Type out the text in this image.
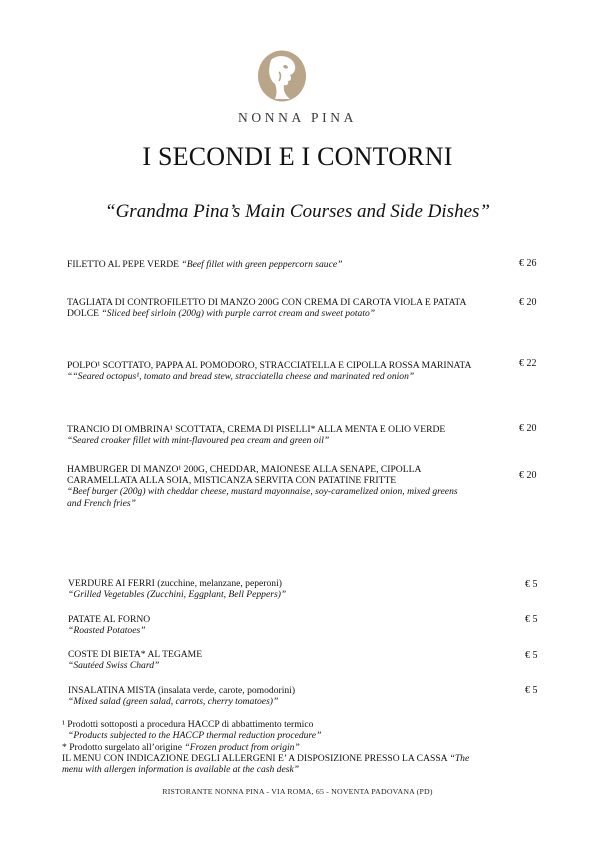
NONNA PINA
I SECONDI E I CONTORNI
“Grandma Pina’s Main Courses and Side Dishes”
FILETTO AL PEPE VERDE “Beef fillet with green peppercorn sauce”	€ 26
TAGLIATA DI CONTROFILETTO DI MANZO 200G CON CREMA DI CAROTA VIOLA E PATATA DOLCE “Sliced beef sirloin (200g) with purple carrot cream and sweet potato”
€ 20
POLPO¹ SCOTTATO, PAPPA AL POMODORO, STRACCIATELLA E CIPOLLA ROSSA MARINATA ““Seared octopus¹, tomato and bread stew, stracciatella cheese and marinated red onion”
€ 22
TRANCIO DI OMBRINA¹ SCOTTATA, CREMA DI PISELLI* ALLA MENTA E OLIO VERDE “Seared croaker fillet with mint-flavoured pea cream and green oil”
€ 20
HAMBURGER DI MANZO¹ 200G, CHEDDAR, MAIONESE ALLA SENAPE, CIPOLLA CARAMELLATA ALLA SOIA, MISTICANZA SERVITA CON PATATINE FRITTE
“Beef burger (200g) with cheddar cheese, mustard mayonnaise, soy-caramelized onion, mixed greens and French fries”
€ 20
VERDURE AI FERRI (zucchine, melanzane, peperoni)
“Grilled Vegetables (Zucchini, Eggplant, Bell Peppers)”
€ 5
PATATE AL FORNO
“Roasted Potatoes”
€ 5
COSTE DI BIETA* AL TEGAME
“Sautéed Swiss Chard”
€ 5
INSALATINA MISTA (insalata verde, carote, pomodorini)
“Mixed salad (green salad, carrots, cherry tomatoes)”
€ 5
¹ Prodotti sottoposti a procedura HACCP di abbattimento termico
“Products subjected to the HACCP thermal reduction procedure”
* Prodotto surgelato all’origine “Frozen product from origin”
IL MENU CON INDICAZIONE DEGLI ALLERGENI E’ A DISPOSIZIONE PRESSO LA CASSA “The menu with allergen information is available at the cash desk”
RISTORANTE NONNA PINA - VIA ROMA, 65 - NOVENTA PADOVANA (PD)
